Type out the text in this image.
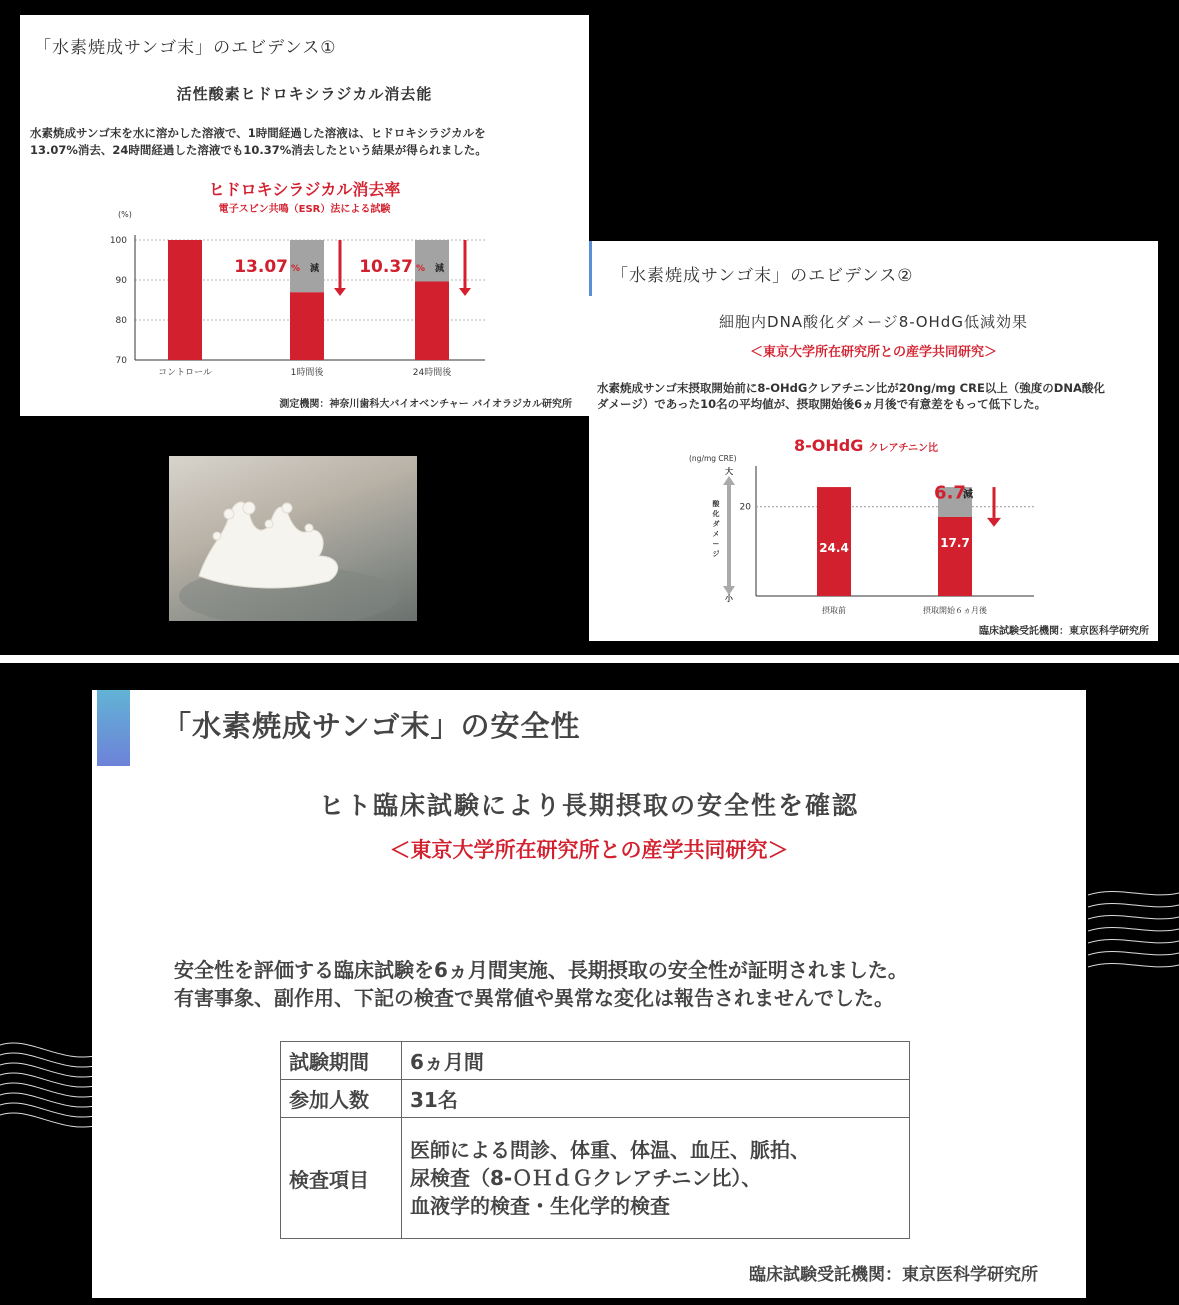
「水素焼成サンゴ末」のエビデンス①
活性酸素ヒドロキシラジカル消去能
水素焼成サンゴ末を水に溶かした溶液で、1時間経過した溶液は、ヒドロキシラジカルを
13.07%消去、24時間経過した溶液でも10.37%消去したという結果が得られました。
ヒドロキシラジカル消去率
電子スピン共鳴（ESR）法による試験
(%)
70
80
90
100
コントロール	1時間後	24時間後
13.07 % 減 10.37 % 減
測定機関：神奈川歯科大バイオベンチャー バイオラジカル研究所
「水素焼成サンゴ末」のエビデンス②
細胞内DNA酸化ダメージ8-OHdG低減効果
＜東京大学所在研究所との産学共同研究＞
水素焼成サンゴ末摂取開始前に8-OHdGクレアチニン比が20ng/mg CRE以上（強度のDNA酸化
ダメージ）であった10名の平均値が、摂取開始後6ヵ月後で有意差をもって低下した。
8-OHdG クレアチニン比
(ng/mg CRE)
20
大
小
酸
化
ダ
メ
ー
ジ	24.4
摂取前
17.7
摂取開始６ヵ月後
6.7
減
臨床試験受託機関：東京医科学研究所
「水素焼成サンゴ末」の安全性
ヒト臨床試験により長期摂取の安全性を確認
＜東京大学所在研究所との産学共同研究＞
安全性を評価する臨床試験を6ヵ月間実施、長期摂取の安全性が証明されました。
有害事象、副作用、下記の検査で異常値や異常な変化は報告されませんでした。
試験期間	6ヵ月間
参加人数	31名
検査項目	医師による問診、体重、体温、血圧、脈拍、
尿検査（8-ＯＨｄＧクレアチニン比）、
血液学的検査・生化学的検査
臨床試験受託機関：東京医科学研究所
